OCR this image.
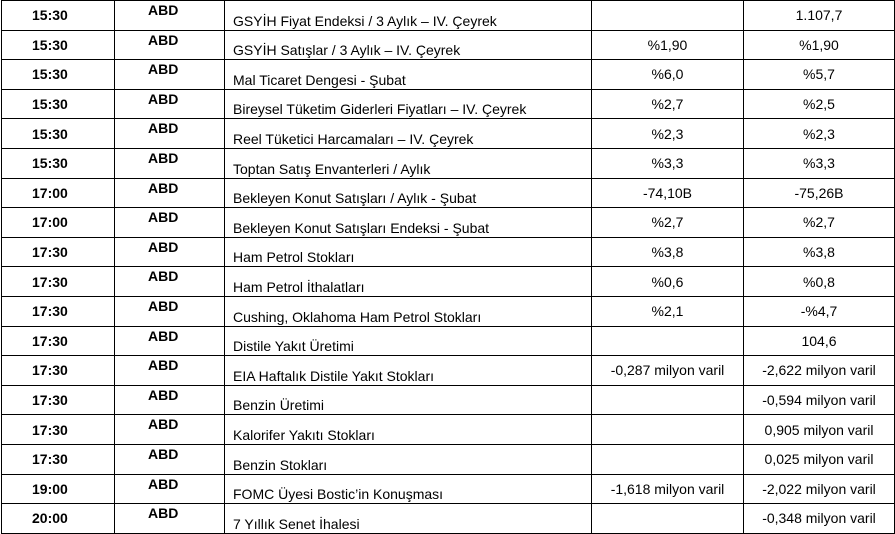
15:30	ABD	GSYİH Fiyat Endeksi / 3 Aylık – IV. Çeyrek		1.107,7
15:30	ABD	GSYİH Satışlar / 3 Aylık – IV. Çeyrek	%1,90	%1,90
15:30	ABD	Mal Ticaret Dengesi - Şubat	%6,0	%5,7
15:30	ABD	Bireysel Tüketim Giderleri Fiyatları – IV. Çeyrek	%2,7	%2,5
15:30	ABD	Reel Tüketici Harcamaları – IV. Çeyrek	%2,3	%2,3
15:30	ABD	Toptan Satış Envanterleri / Aylık	%3,3	%3,3
17:00	ABD	Bekleyen Konut Satışları / Aylık - Şubat	-74,10B	-75,26B
17:00	ABD	Bekleyen Konut Satışları Endeksi - Şubat	%2,7	%2,7
17:30	ABD	Ham Petrol Stokları	%3,8	%3,8
17:30	ABD	Ham Petrol İthalatları	%0,6	%0,8
17:30	ABD	Cushing, Oklahoma Ham Petrol Stokları	%2,1	-%4,7
17:30	ABD	Distile Yakıt Üretimi		104,6
17:30	ABD	EIA Haftalık Distile Yakıt Stokları	-0,287 milyon varil	-2,622 milyon varil
17:30	ABD	Benzin Üretimi		-0,594 milyon varil
17:30	ABD	Kalorifer Yakıtı Stokları		0,905 milyon varil
17:30	ABD	Benzin Stokları		0,025 milyon varil
19:00	ABD	FOMC Üyesi Bostic’in Konuşması	-1,618 milyon varil	-2,022 milyon varil
20:00	ABD	7 Yıllık Senet İhalesi		-0,348 milyon varil
